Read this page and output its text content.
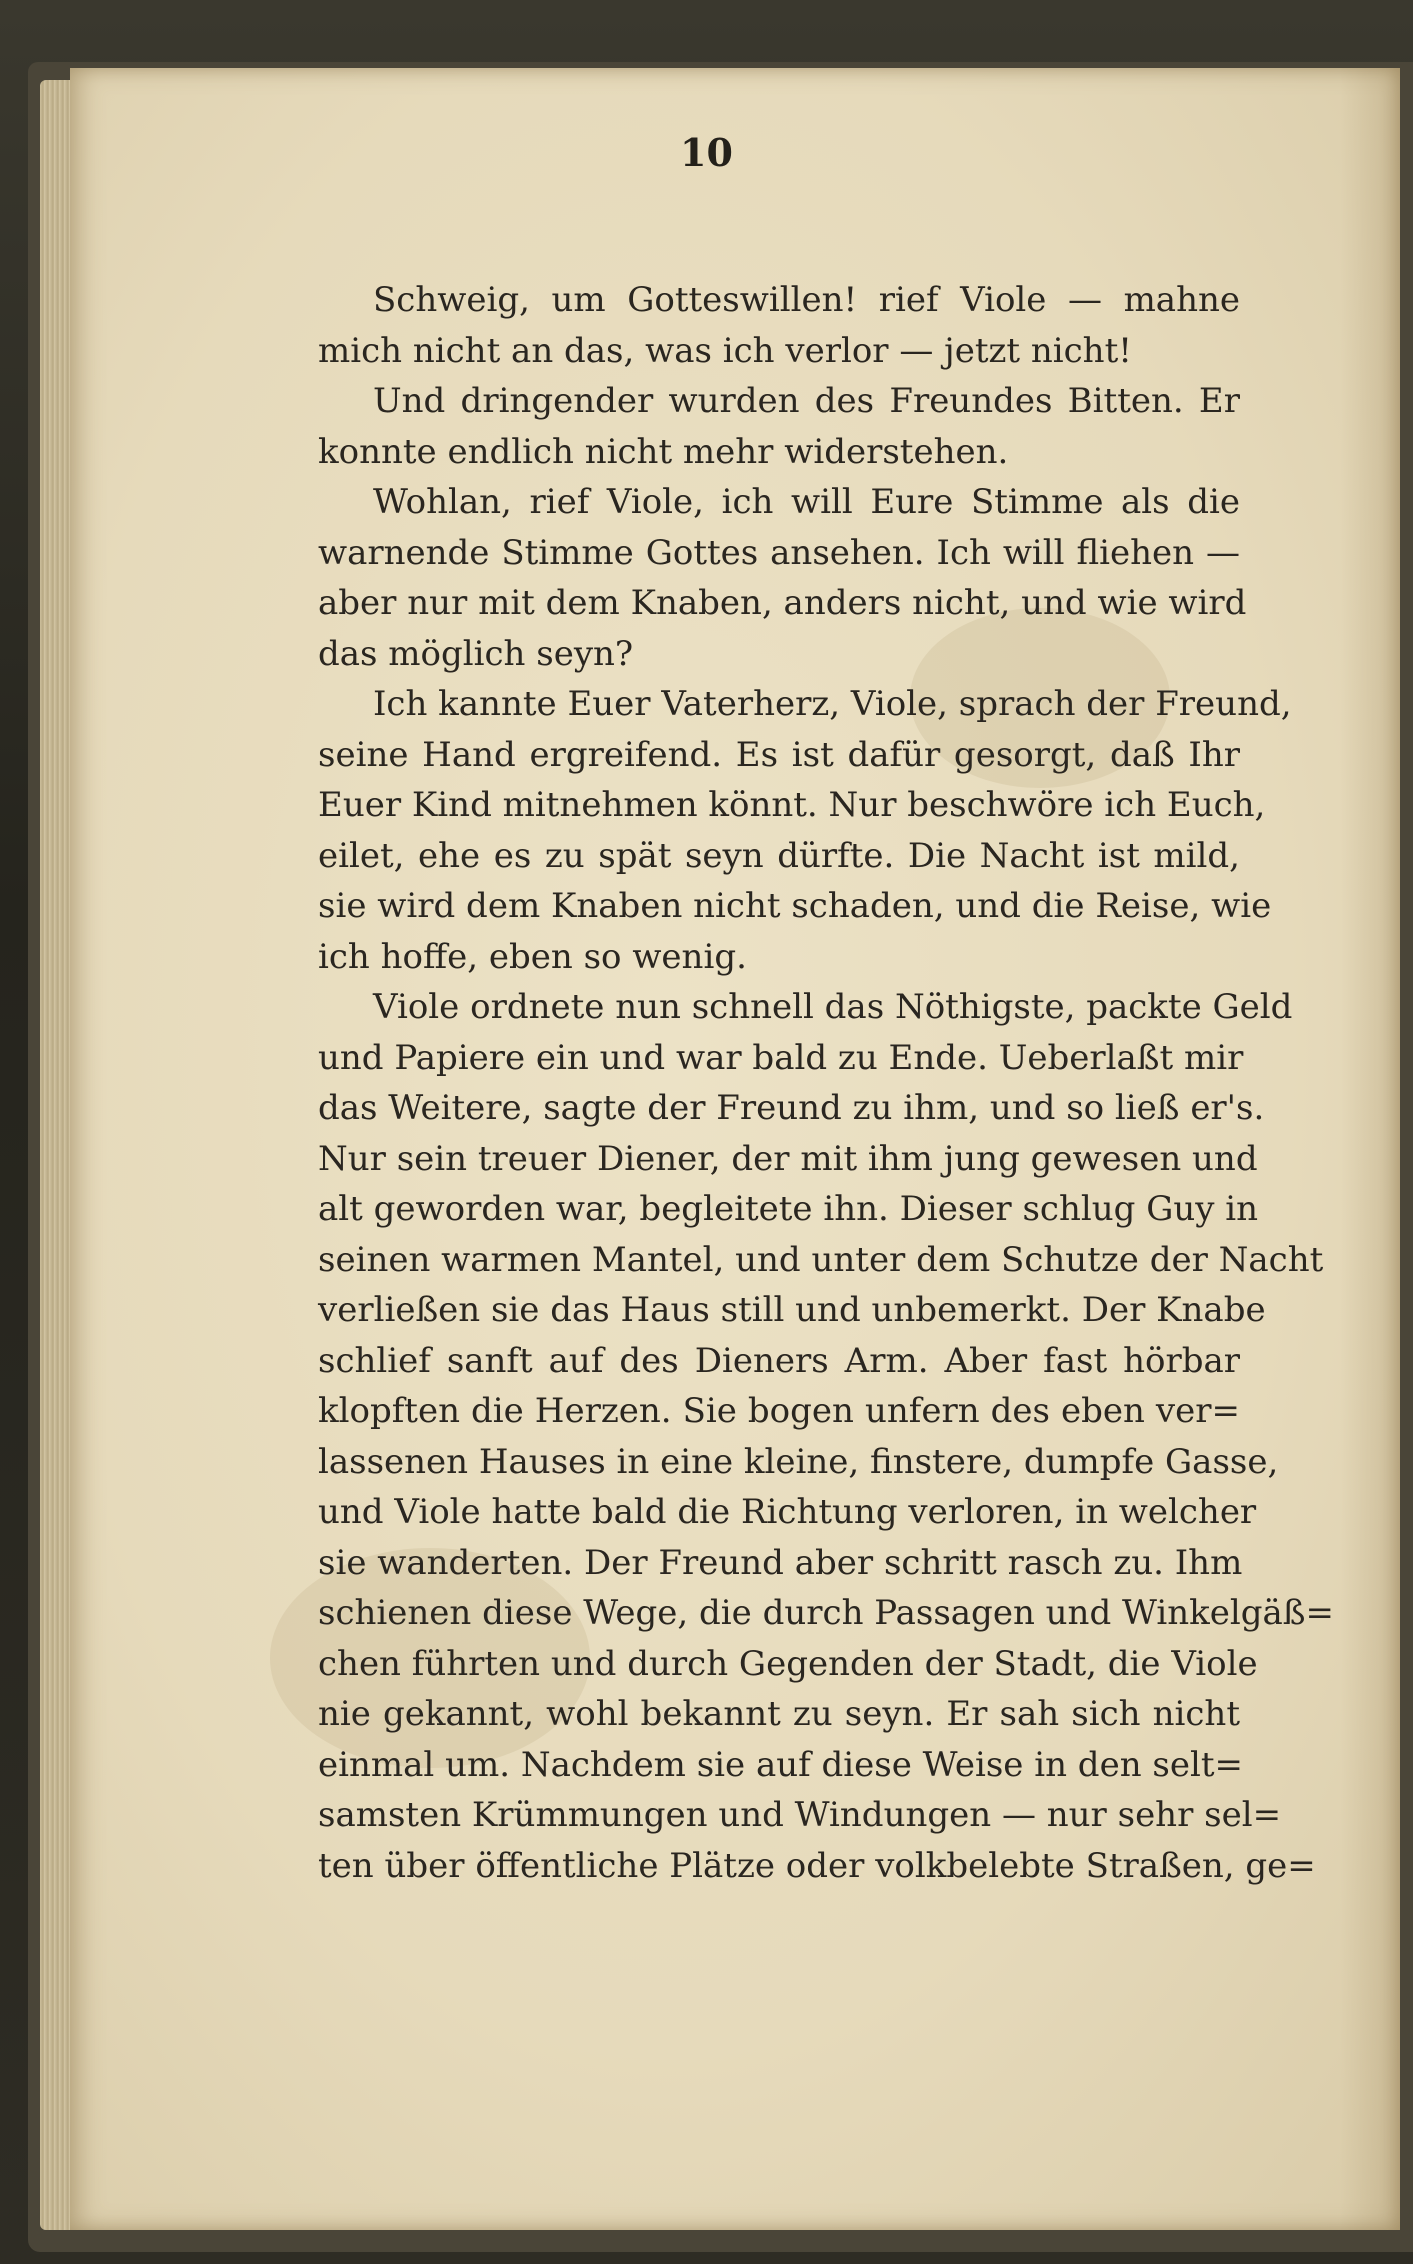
10
Schweig, um Gotteswillen! rief Viole — mahne
mich nicht an das, was ich verlor — jetzt nicht!
Und dringender wurden des Freundes Bitten. Er
konnte endlich nicht mehr widerstehen.
Wohlan, rief Viole, ich will Eure Stimme als die
warnende Stimme Gottes ansehen. Ich will fliehen —
aber nur mit dem Knaben, anders nicht, und wie wird
das möglich seyn?
Ich kannte Euer Vaterherz, Viole, sprach der Freund,
seine Hand ergreifend. Es ist dafür gesorgt, daß Ihr
Euer Kind mitnehmen könnt. Nur beschwöre ich Euch,
eilet, ehe es zu spät seyn dürfte. Die Nacht ist mild,
sie wird dem Knaben nicht schaden, und die Reise, wie
ich hoffe, eben so wenig.
Viole ordnete nun schnell das Nöthigste, packte Geld
und Papiere ein und war bald zu Ende. Ueberlaßt mir
das Weitere, sagte der Freund zu ihm, und so ließ er's.
Nur sein treuer Diener, der mit ihm jung gewesen und
alt geworden war, begleitete ihn. Dieser schlug Guy in
seinen warmen Mantel, und unter dem Schutze der Nacht
verließen sie das Haus still und unbemerkt. Der Knabe
schlief sanft auf des Dieners Arm. Aber fast hörbar
klopften die Herzen. Sie bogen unfern des eben ver=
lassenen Hauses in eine kleine, finstere, dumpfe Gasse,
und Viole hatte bald die Richtung verloren, in welcher
sie wanderten. Der Freund aber schritt rasch zu. Ihm
schienen diese Wege, die durch Passagen und Winkelgäß=
chen führten und durch Gegenden der Stadt, die Viole
nie gekannt, wohl bekannt zu seyn. Er sah sich nicht
einmal um. Nachdem sie auf diese Weise in den selt=
samsten Krümmungen und Windungen — nur sehr sel=
ten über öffentliche Plätze oder volkbelebte Straßen, ge=
